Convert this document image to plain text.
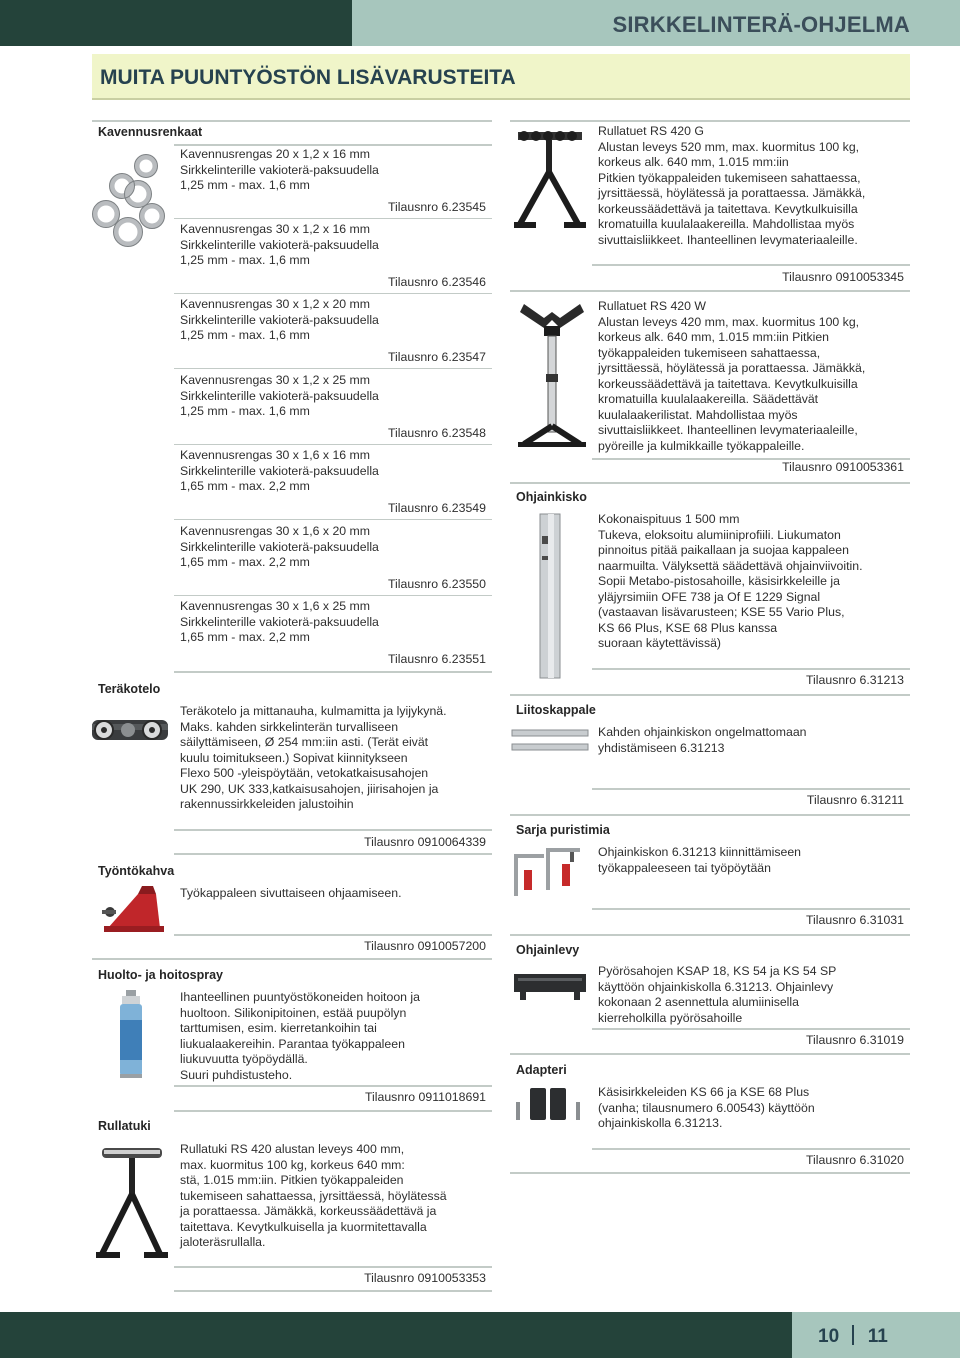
SIRKKELINTERÄ-OHJELMA
MUITA PUUNTYÖSTÖN LISÄVARUSTEITA
Kavennusrenkaat
Kavennusrengas 20 x 1,2 x 16 mm
Sirkkelinterille vakioterä-paksuudella
1,25 mm - max. 1,6 mm
Tilausnro 6.23545
Kavennusrengas 30 x 1,2 x 16 mm
Sirkkelinterille vakioterä-paksuudella
1,25 mm - max. 1,6 mm
Tilausnro 6.23546
Kavennusrengas 30 x 1,2 x 20 mm
Sirkkelinterille vakioterä-paksuudella
1,25 mm - max. 1,6 mm
Tilausnro 6.23547
Kavennusrengas 30 x 1,2 x 25 mm
Sirkkelinterille vakioterä-paksuudella
1,25 mm - max. 1,6 mm
Tilausnro 6.23548
Kavennusrengas 30 x 1,6 x 16 mm
Sirkkelinterille vakioterä-paksuudella
1,65 mm - max. 2,2 mm
Tilausnro 6.23549
Kavennusrengas 30 x 1,6 x 20 mm
Sirkkelinterille vakioterä-paksuudella
1,65 mm - max. 2,2 mm
Tilausnro 6.23550
Kavennusrengas 30 x 1,6 x 25 mm
Sirkkelinterille vakioterä-paksuudella
1,65 mm - max. 2,2 mm
Tilausnro 6.23551
Teräkotelo
Teräkotelo ja mittanauha, kulmamitta ja lyijykynä.
Maks. kahden sirkkelinterän turvalliseen
säilyttämiseen, Ø 254 mm:iin asti. (Terät eivät
kuulu toimitukseen.) Sopivat kiinnitykseen
Flexo 500 -yleispöytään, vetokatkaisusahojen
UK 290, UK 333,katkaisusahojen, jiirisahojen ja
rakennussirkkeleiden jalustoihin
Tilausnro 0910064339
Työntökahva
Työkappaleen sivuttaiseen ohjaamiseen.
Tilausnro 0910057200
Huolto- ja hoitospray
Ihanteellinen puuntyöstökoneiden hoitoon ja
huoltoon. Silikonipitoinen, estää puupölyn
tarttumisen, esim. kierretankoihin tai
liukualaakereihin. Parantaa työkappaleen
liukuvuutta työpöydällä.
Suuri puhdistusteho.
Tilausnro 0911018691
Rullatuki
Rullatuki RS 420 alustan leveys 400 mm,
max. kuormitus 100 kg, korkeus 640 mm:
stä, 1.015 mm:iin. Pitkien työkappaleiden
tukemiseen sahattaessa, jyrsittäessä, höylätessä
ja porattaessa. Jämäkkä, korkeussäädettävä ja
taitettava. Kevytkulkuisella ja kuormitettavalla
jaloteräsrullalla.
Tilausnro 0910053353
Rullatuet RS 420 G
Alustan leveys 520 mm, max. kuormitus 100 kg,
korkeus alk. 640 mm, 1.015 mm:iin
Pitkien työkappaleiden tukemiseen sahattaessa,
jyrsittäessä, höylätessä ja porattaessa. Jämäkkä,
korkeussäädettävä ja taitettava. Kevytkulkuisilla
kromatuilla kuulalaakereilla. Mahdollistaa myös
sivuttaisliikkeet. Ihanteellinen levymateriaaleille.
Tilausnro 0910053345
Rullatuet RS 420 W
Alustan leveys 420 mm, max. kuormitus 100 kg,
korkeus alk. 640 mm, 1.015 mm:iin Pitkien
työkappaleiden tukemiseen sahattaessa,
jyrsittäessä, höylätessä ja porattaessa. Jämäkkä,
korkeussäädettävä ja taitettava. Kevytkulkuisilla
kromatuilla kuulalaakereilla. Säädettävät
kuulalaakerilistat. Mahdollistaa myös
sivuttaisliikkeet. Ihanteellinen levymateriaaleille,
pyöreille ja kulmikkaille työkappaleille.
Tilausnro 0910053361
Ohjainkisko
Kokonaispituus 1 500 mm
Tukeva, eloksoitu alumiiniprofiili. Liukumaton
pinnoitus pitää paikallaan ja suojaa kappaleen
naarmuilta. Välyksettä säädettävä ohjainviivoitin.
Sopii Metabo-pistosahoille, käsisirkkeleille ja
yläjyrsimiin OFE 738 ja Of E 1229 Signal
(vastaavan lisävarusteen; KSE 55 Vario Plus,
KS 66 Plus, KSE 68 Plus kanssa
suoraan käytettävissä)
Tilausnro 6.31213
Liitoskappale
Kahden ohjainkiskon ongelmattomaan
yhdistämiseen 6.31213
Tilausnro 6.31211
Sarja puristimia
Ohjainkiskon 6.31213 kiinnittämiseen
työkappaleeseen tai työpöytään
Tilausnro 6.31031
Ohjainlevy
Pyörösahojen KSAP 18, KS 54 ja KS 54 SP
käyttöön ohjainkiskolla 6.31213. Ohjainlevy
kokonaan 2 asennettula alumiinisella
kierreholkilla pyörösahoille
Tilausnro 6.31019
Adapteri
Käsisirkkeleiden KS 66 ja KSE 68 Plus
(vanha; tilausnumero 6.00543) käyttöön
ohjainkiskolla 6.31213.
Tilausnro 6.31020
10 11
